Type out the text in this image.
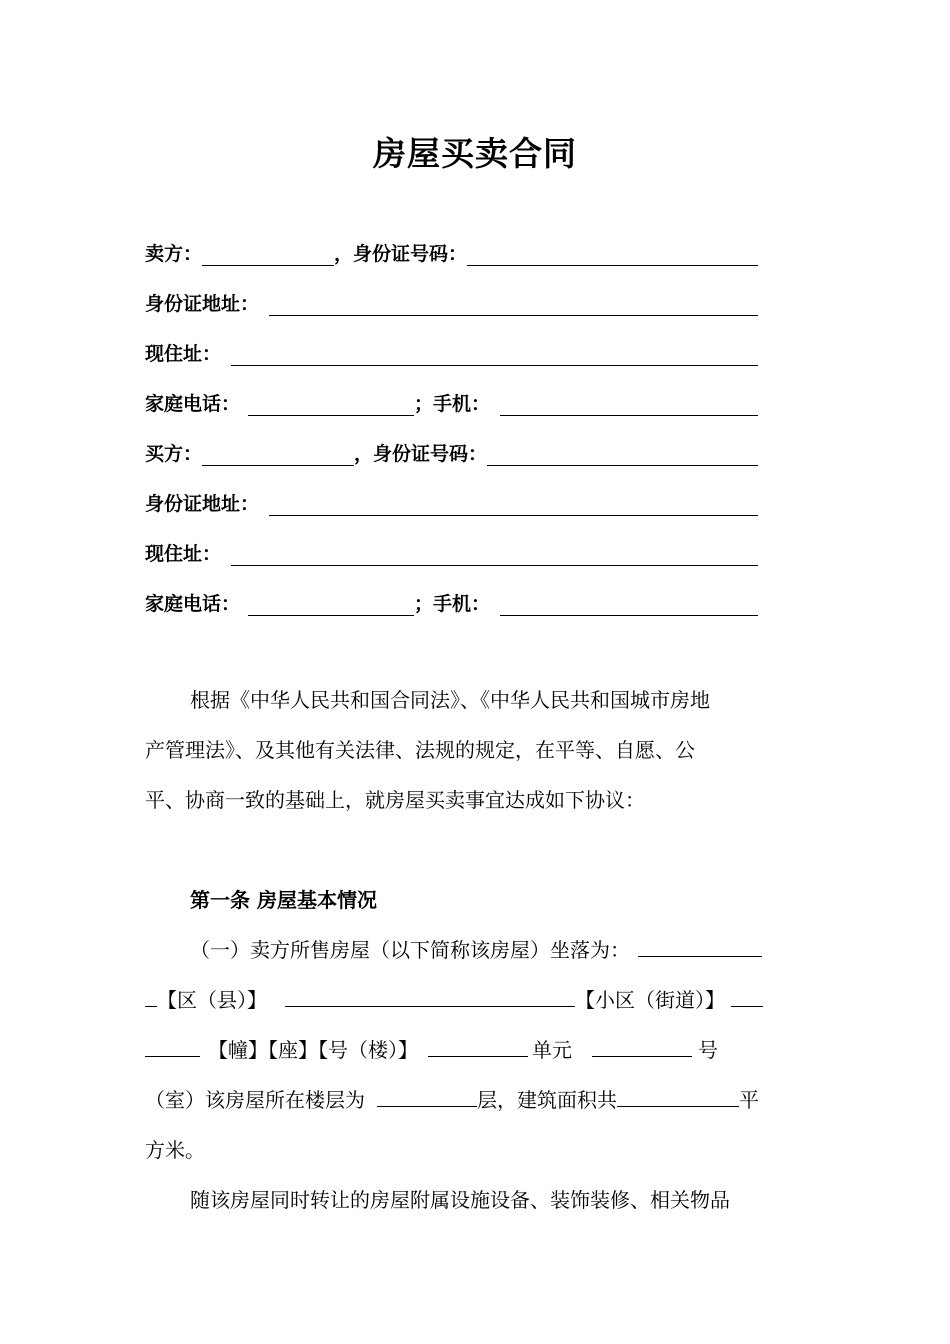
房屋买卖合同
卖方：	，身份证号码：
身份证地址：
现住址：
家庭电话：	；手机：
买方：	，身份证号码：
身份证地址：
现住址：
家庭电话：	；手机：
根据《中华人民共和国合同法》、《中华人民共和国城市房地
产管理法》、及其他有关法律、法规的规定，在平等、自愿、公
平、协商一致的基础上，就房屋买卖事宜达成如下协议：
第一条 房屋基本情况
（一）卖方所售房屋（以下简称该房屋）坐落为：
【区（县）】	【小区（街道）】
【幢】【座】【号（楼）】	单元	号
（室）该房屋所在楼层为	层，建筑面积共	平
方米。
随该房屋同时转让的房屋附属设施设备、装饰装修、相关物品
